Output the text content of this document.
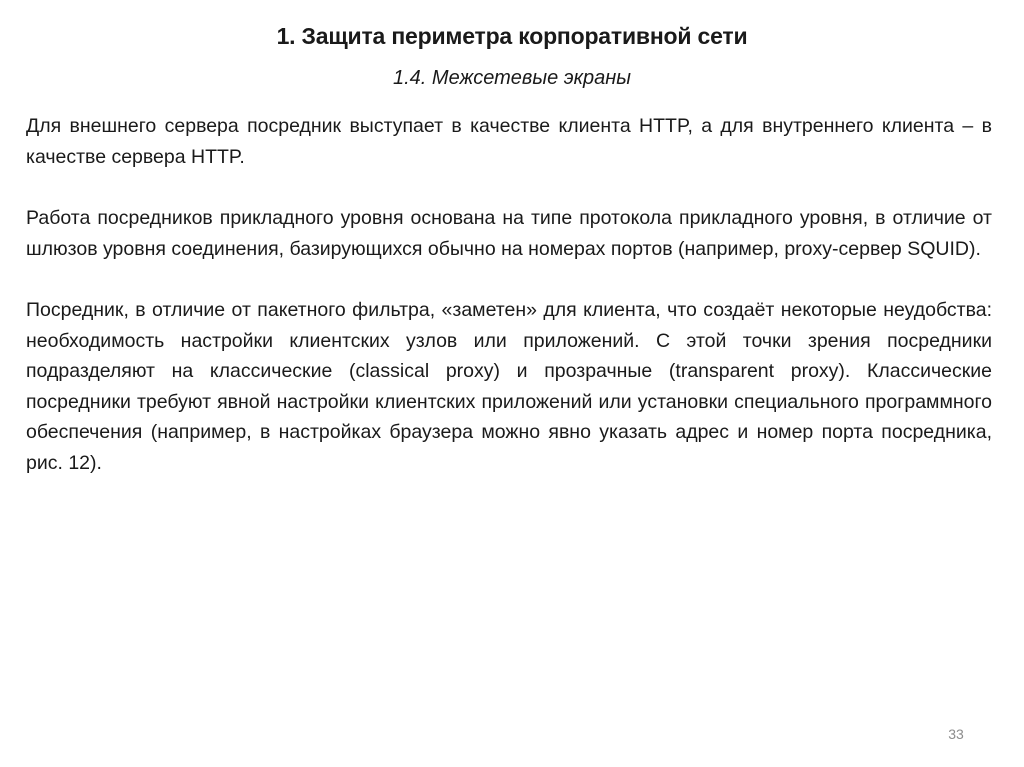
1. Защита периметра корпоративной сети
1.4. Межсетевые экраны

Для внешнего сервера посредник выступает в качестве клиента HTTP, а для внутреннего клиента – в качестве сервера HTTP.

Работа посредников прикладного уровня основана на типе протокола прикладного уровня, в отличие от шлюзов уровня соединения, базирующихся обычно на номерах портов (например, proxy-сервер SQUID).

Посредник, в отличие от пакетного фильтра, «заметен» для клиента, что создаёт некоторые неудобства: необходимость настройки клиентских узлов или приложений. С этой точки зрения посредники подразделяют на классические (classical proxy) и прозрачные (transparent proxy). Классические посредники требуют явной настройки клиентских приложений или установки специального программного обеспечения (например, в настройках браузера можно явно указать адрес и номер порта посредника, рис. 12).

33
